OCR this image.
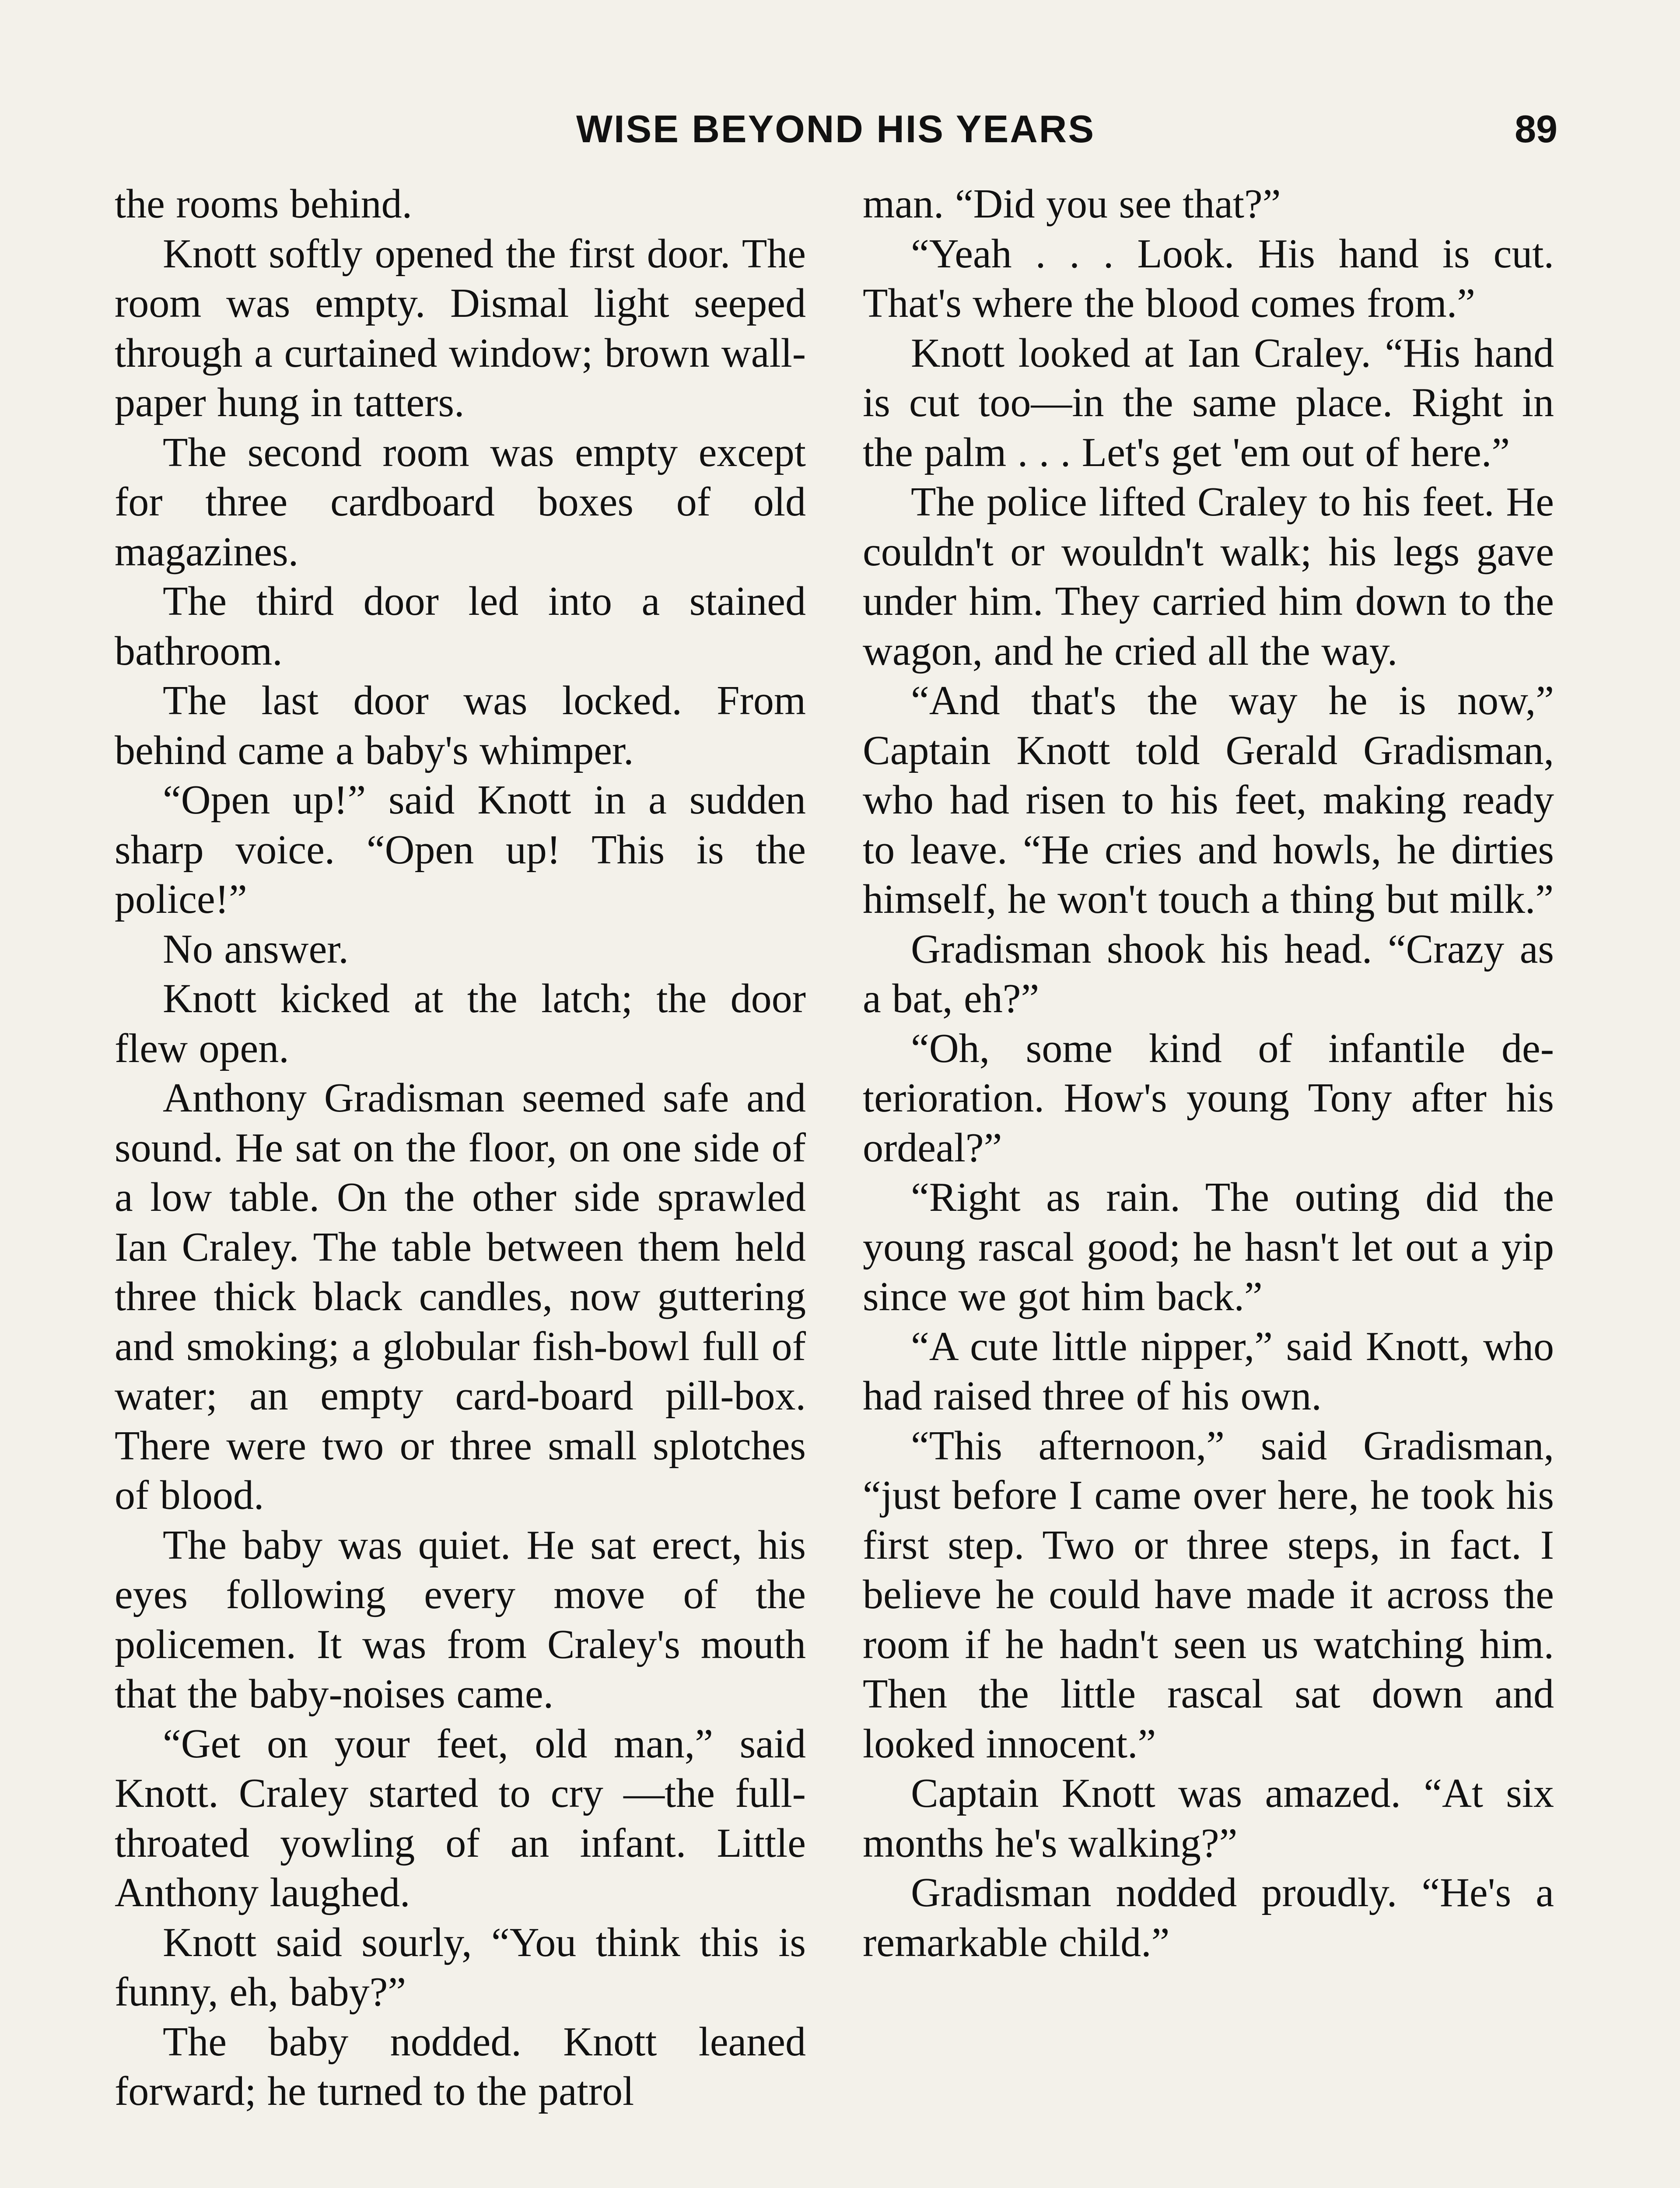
WISE BEYOND HIS YEARS	89

the rooms behind.

Knott softly opened the first door. The room was empty. Dismal light seeped through a curtained window; brown wall-paper hung in tatters.

The second room was empty except for three cardboard boxes of old magazines.

The third door led into a stained bathroom.

The last door was locked. From behind came a baby's whimper.

“Open up!” said Knott in a sudden sharp voice. “Open up! This is the police!”

No answer.

Knott kicked at the latch; the door flew open.

Anthony Gradisman seemed safe and sound. He sat on the floor, on one side of a low table. On the other side sprawled Ian Craley. The table between them held three thick black candles, now guttering and smoking; a globular fish-bowl full of water; an empty card-board pill-box. There were two or three small splotches of blood.

The baby was quiet. He sat erect, his eyes following every move of the policemen. It was from Craley's mouth that the baby-noises came.

“Get on your feet, old man,” said Knott. Craley started to cry —the full-throated yowling of an infant. Little Anthony laughed.

Knott said sourly, “You think this is funny, eh, baby?”

The baby nodded. Knott leaned forward; he turned to the patrol

man. “Did you see that?”

“Yeah . . . Look. His hand is cut. That's where the blood comes from.”

Knott looked at Ian Craley. “His hand is cut too—in the same place. Right in the palm . . . Let's get 'em out of here.”

The police lifted Craley to his feet. He couldn't or wouldn't walk; his legs gave under him. They carried him down to the wagon, and he cried all the way.

“And that's the way he is now,” Captain Knott told Gerald Gradisman, who had risen to his feet, making ready to leave. “He cries and howls, he dirties himself, he won't touch a thing but milk.”

Gradisman shook his head. “Crazy as a bat, eh?”

“Oh, some kind of infantile deterioration. How's young Tony after his ordeal?”

“Right as rain. The outing did the young rascal good; he hasn't let out a yip since we got him back.”

“A cute little nipper,” said Knott, who had raised three of his own.

“This afternoon,” said Gradisman, “just before I came over here, he took his first step. Two or three steps, in fact. I believe he could have made it across the room if he hadn't seen us watching him. Then the little rascal sat down and looked innocent.”

Captain Knott was amazed. “At six months he's walking?”

Gradisman nodded proudly. “He's a remarkable child.”
